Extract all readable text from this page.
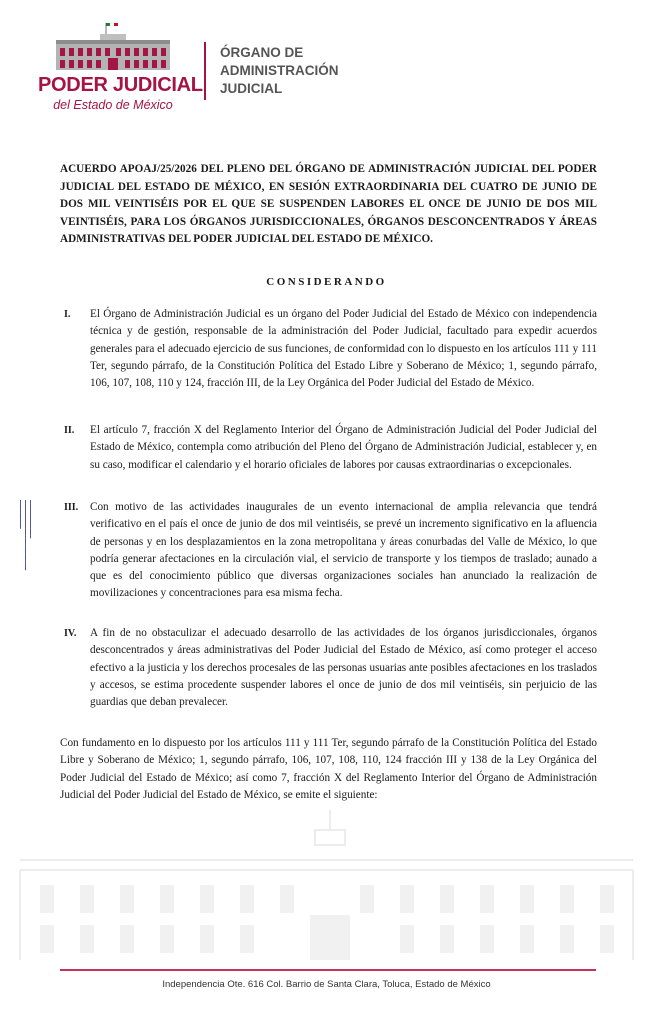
PODER JUDICIAL
del Estado de México
ÓRGANO DE
ADMINISTRACIÓN
JUDICIAL
▬▬▬▬▬▬▬▬▬▬▬▬
▬▬▬▬▬▬▬▬▬▬▬▬▬▬▬▬▬▬▬▬▬▬
▬▬▬▬▬▬▬▬▬
ACUERDO APOAJ/25/2026 DEL PLENO DEL ÓRGANO DE ADMINISTRACIÓN JUDICIAL DEL PODER JUDICIAL DEL ESTADO DE MÉXICO, EN SESIÓN EXTRAORDINARIA DEL CUATRO DE JUNIO DE DOS MIL VEINTISÉIS POR EL QUE SE SUSPENDEN LABORES EL ONCE DE JUNIO DE DOS MIL VEINTISÉIS, PARA LOS ÓRGANOS JURISDICCIONALES, ÓRGANOS DESCONCENTRADOS Y ÁREAS ADMINISTRATIVAS DEL PODER JUDICIAL DEL ESTADO DE MÉXICO.
CONSIDERANDO
I. El Órgano de Administración Judicial es un órgano del Poder Judicial del Estado de México con independencia técnica y de gestión, responsable de la administración del Poder Judicial, facultado para expedir acuerdos generales para el adecuado ejercicio de sus funciones, de conformidad con lo dispuesto en los artículos 111 y 111 Ter, segundo párrafo, de la Constitución Política del Estado Libre y Soberano de México; 1, segundo párrafo, 106, 107, 108, 110 y 124, fracción III, de la Ley Orgánica del Poder Judicial del Estado de México.
II. El artículo 7, fracción X del Reglamento Interior del Órgano de Administración Judicial del Poder Judicial del Estado de México, contempla como atribución del Pleno del Órgano de Administración Judicial, establecer y, en su caso, modificar el calendario y el horario oficiales de labores por causas extraordinarias o excepcionales.
III. Con motivo de las actividades inaugurales de un evento internacional de amplia relevancia que tendrá verificativo en el país el once de junio de dos mil veintiséis, se prevé un incremento significativo en la afluencia de personas y en los desplazamientos en la zona metropolitana y áreas conurbadas del Valle de México, lo que podría generar afectaciones en la circulación vial, el servicio de transporte y los tiempos de traslado; aunado a que es del conocimiento público que diversas organizaciones sociales han anunciado la realización de movilizaciones y concentraciones para esa misma fecha.
IV. A fin de no obstaculizar el adecuado desarrollo de las actividades de los órganos jurisdiccionales, órganos desconcentrados y áreas administrativas del Poder Judicial del Estado de México, así como proteger el acceso efectivo a la justicia y los derechos procesales de las personas usuarias ante posibles afectaciones en los traslados y accesos, se estima procedente suspender labores el once de junio de dos mil veintiséis, sin perjuicio de las guardias que deban prevalecer.
Con fundamento en lo dispuesto por los artículos 111 y 111 Ter, segundo párrafo de la Constitución Política del Estado Libre y Soberano de México; 1, segundo párrafo, 106, 107, 108, 110, 124 fracción III y 138 de la Ley Orgánica del Poder Judicial del Estado de México; así como 7, fracción X del Reglamento Interior del Órgano de Administración Judicial del Poder Judicial del Estado de México, se emite el siguiente:
Independencia Ote. 616 Col. Barrio de Santa Clara, Toluca, Estado de México
